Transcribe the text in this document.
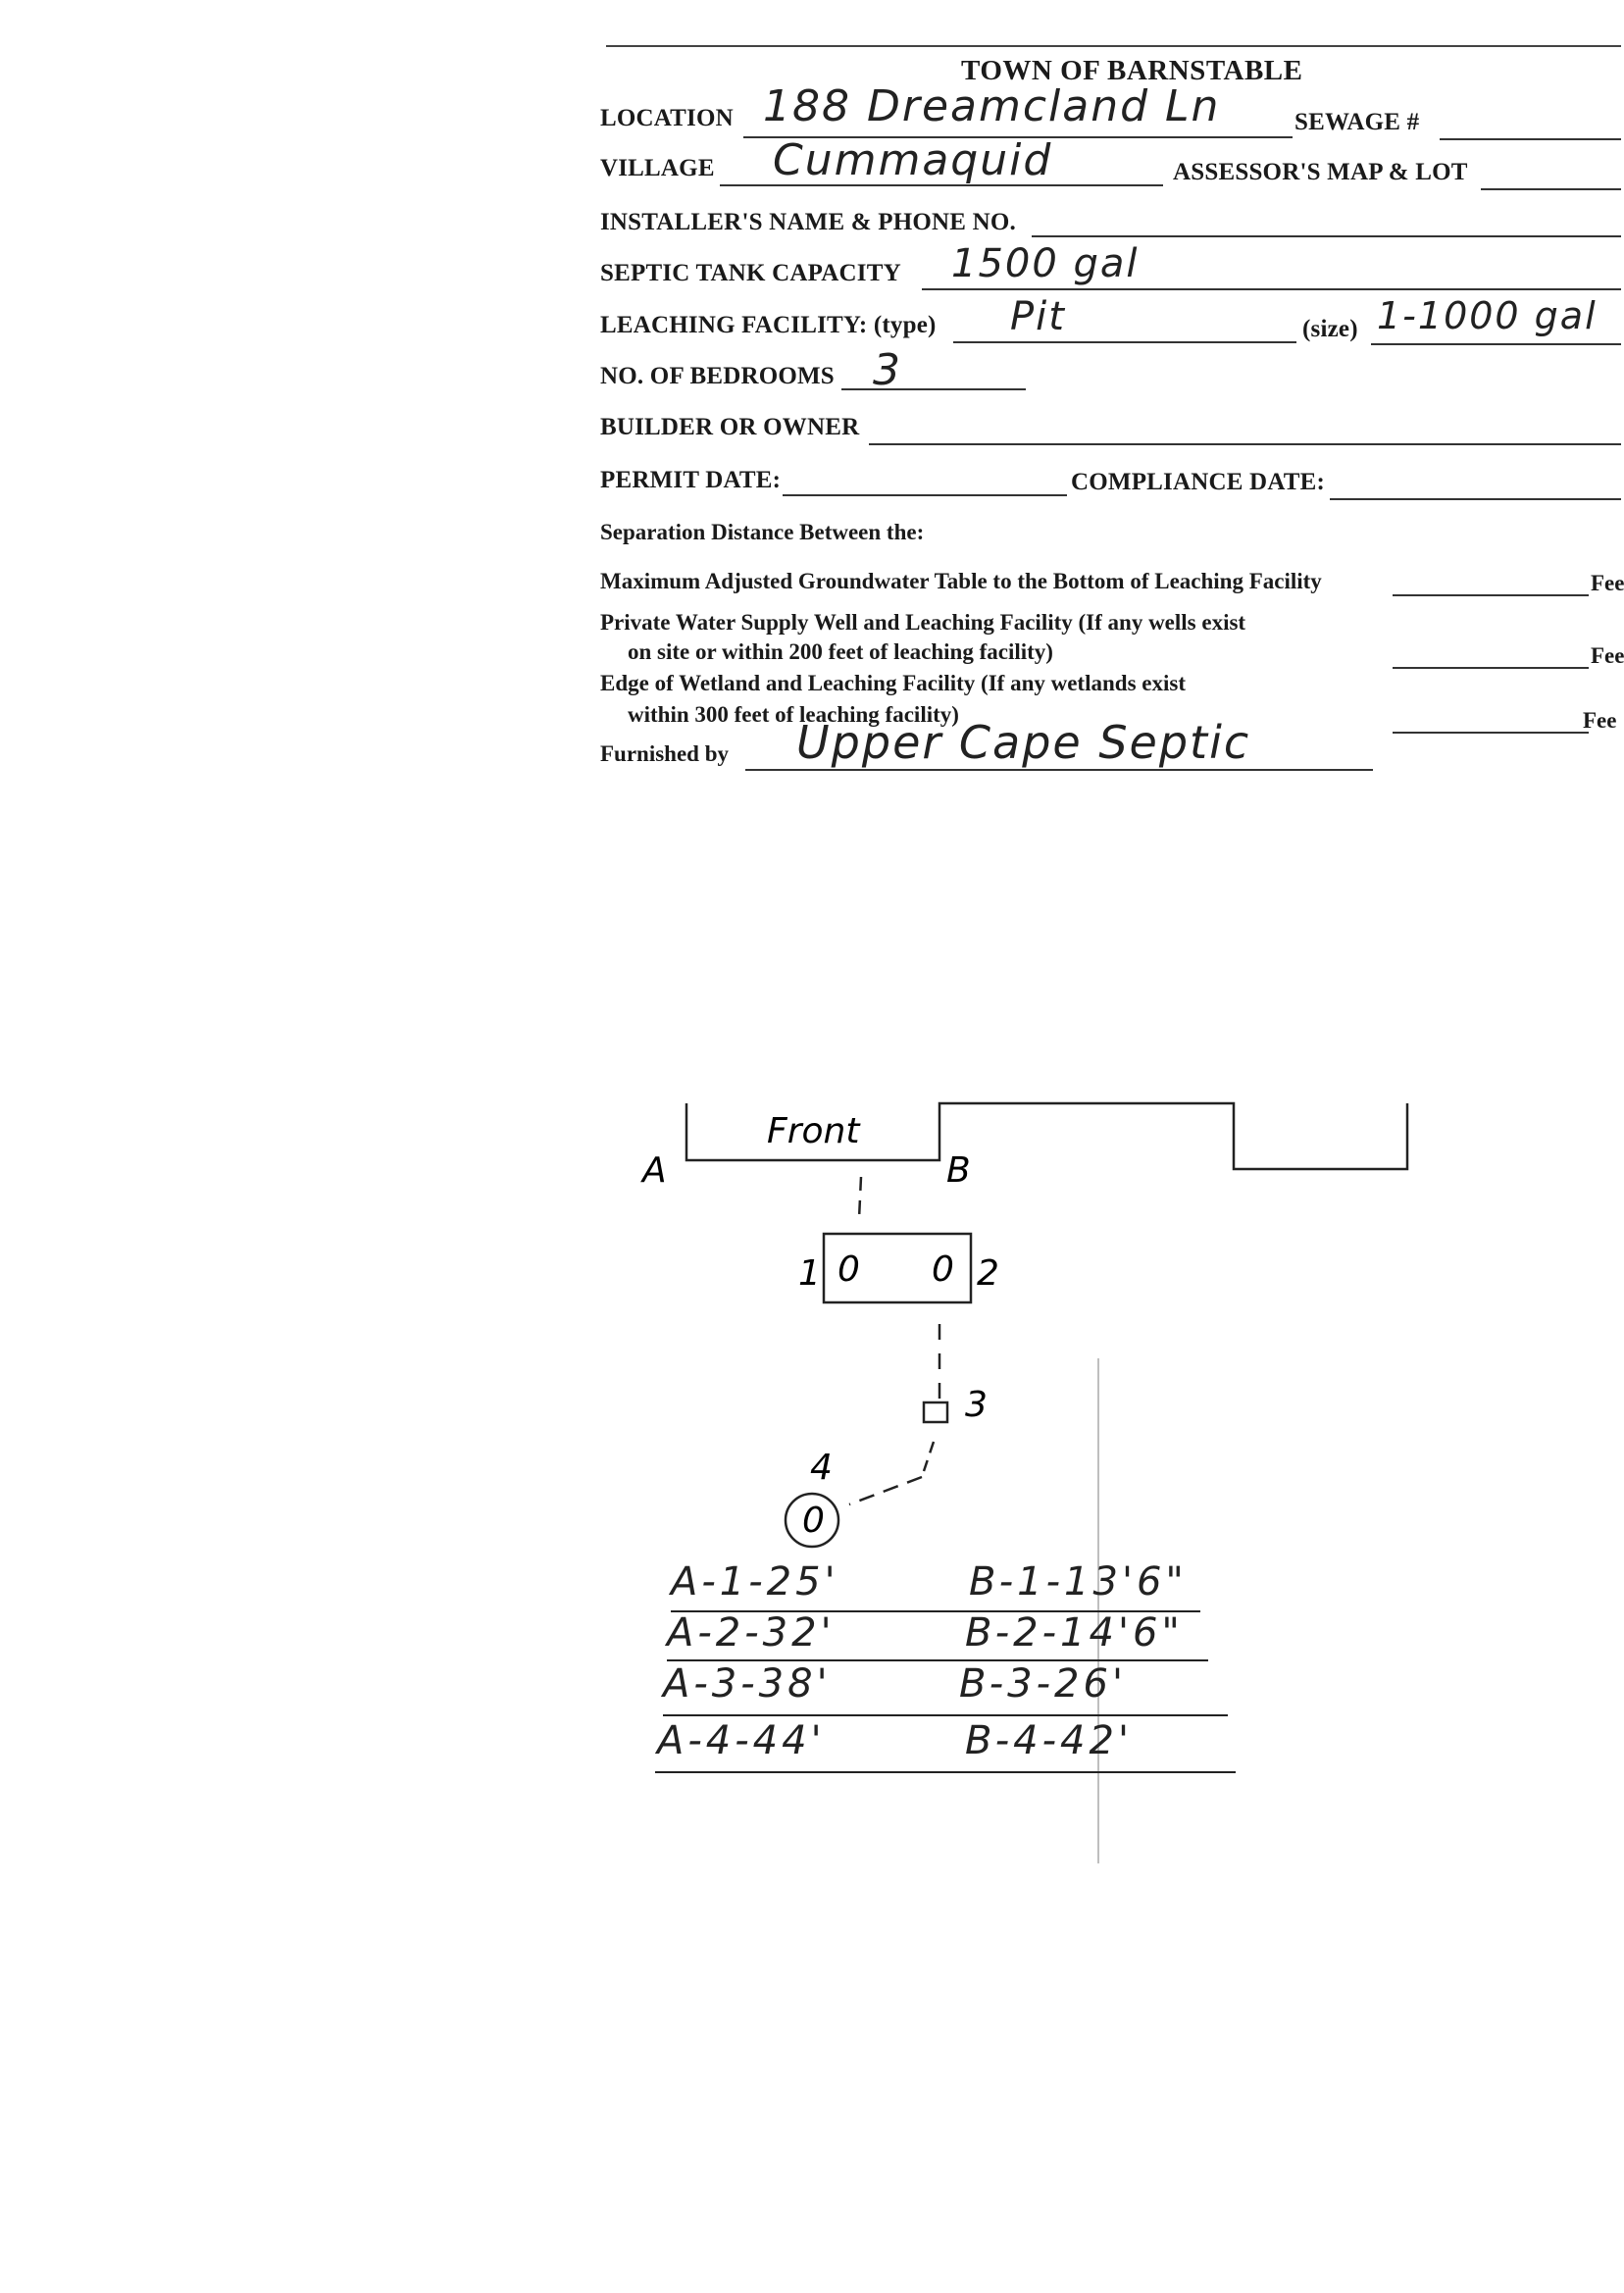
TOWN OF BARNSTABLE
LOCATION 188 Dreamcland Ln	SEWAGE #
VILLAGE Cummaquid	ASSESSOR'S MAP & LOT
INSTALLER'S NAME & PHONE NO.
SEPTIC TANK CAPACITY 1500 gal
LEACHING FACILITY: (type) Pit	(size) 1-1000 gal
NO. OF BEDROOMS 3
BUILDER OR OWNER
PERMIT DATE:	COMPLIANCE DATE:
Separation Distance Between the:
Maximum Adjusted Groundwater Table to the Bottom of Leaching Facility	Fee
Private Water Supply Well and Leaching Facility (If any wells exist
on site or within 200 feet of leaching facility)	Fee
Edge of Wetland and Leaching Facility (If any wetlands exist
within 300 feet of leaching facility)	Fee
Furnished by Upper Cape Septic
A	B
Front
1	2
0 0
3
4
0
A-1-25'	B-1-13'6"
A-2-32'	B-2-14'6"
A-3-38'	B-3-26'
A-4-44'	B-4-42'
